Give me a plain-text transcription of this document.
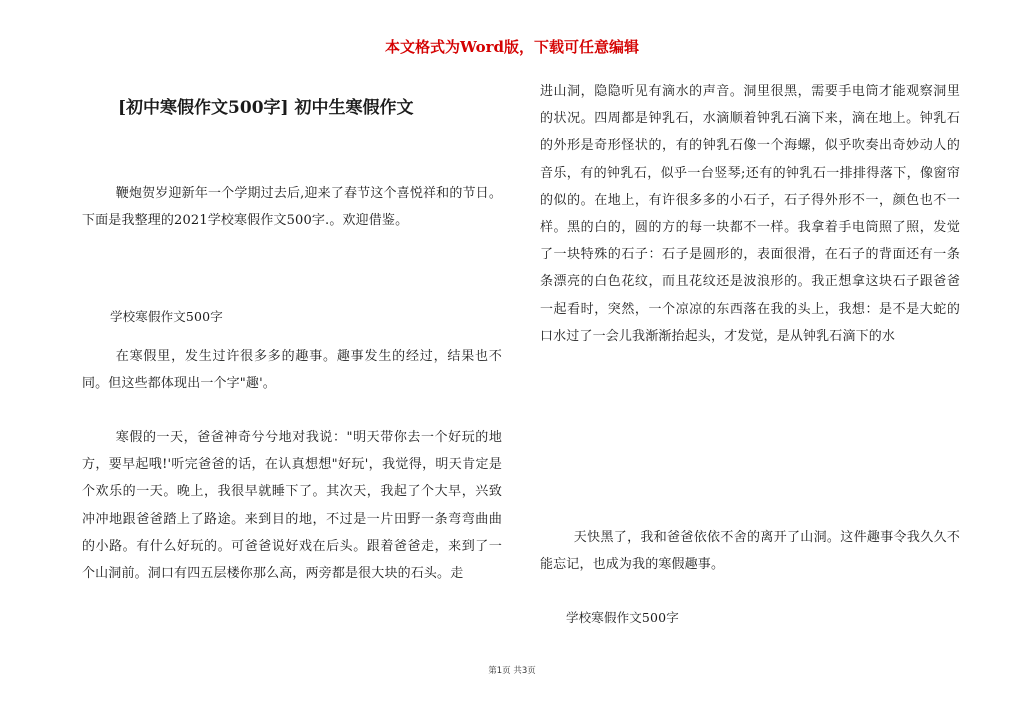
本文格式为Word版，下载可任意编辑
[初中寒假作文500字] 初中生寒假作文

鞭炮贺岁迎新年一个学期过去后,迎来了春节这个喜悦祥和的节日。下面是我整理的2021学校寒假作文500字.。欢迎借鉴。

学校寒假作文500字

在寒假里，发生过许很多多的趣事。趣事发生的经过，结果也不同。但这些都体现出一个字"趣'。

寒假的一天，爸爸神奇兮兮地对我说："明天带你去一个好玩的地方，要早起哦!'听完爸爸的话，在认真想想"好玩'，我觉得，明天肯定是个欢乐的一天。晚上，我很早就睡下了。其次天，我起了个大早，兴致冲冲地跟爸爸踏上了路途。来到目的地，不过是一片田野一条弯弯曲曲的小路。有什么好玩的。可爸爸说好戏在后头。跟着爸爸走，来到了一个山洞前。洞口有四五层楼你那么高，两旁都是很大块的石头。走

进山洞，隐隐听见有滴水的声音。洞里很黑，需要手电筒才能观察洞里的状况。四周都是钟乳石，水滴顺着钟乳石滴下来，滴在地上。钟乳石的外形是奇形怪状的，有的钟乳石像一个海螺，似乎吹奏出奇妙动人的音乐，有的钟乳石，似乎一台竖琴;还有的钟乳石一排排得落下，像窗帘的似的。在地上，有许很多多的小石子，石子得外形不一，颜色也不一样。黑的白的，圆的方的每一块都不一样。我拿着手电筒照了照，发觉了一块特殊的石子：石子是圆形的，表面很滑，在石子的背面还有一条条漂亮的白色花纹，而且花纹还是波浪形的。我正想拿这块石子跟爸爸一起看时，突然，一个凉凉的东西落在我的头上，我想：是不是大蛇的口水过了一会儿我渐渐抬起头，才发觉，是从钟乳石滴下的水

天快黑了，我和爸爸依依不舍的离开了山洞。这件趣事令我久久不能忘记，也成为我的寒假趣事。

学校寒假作文500字

第1页 共3页
